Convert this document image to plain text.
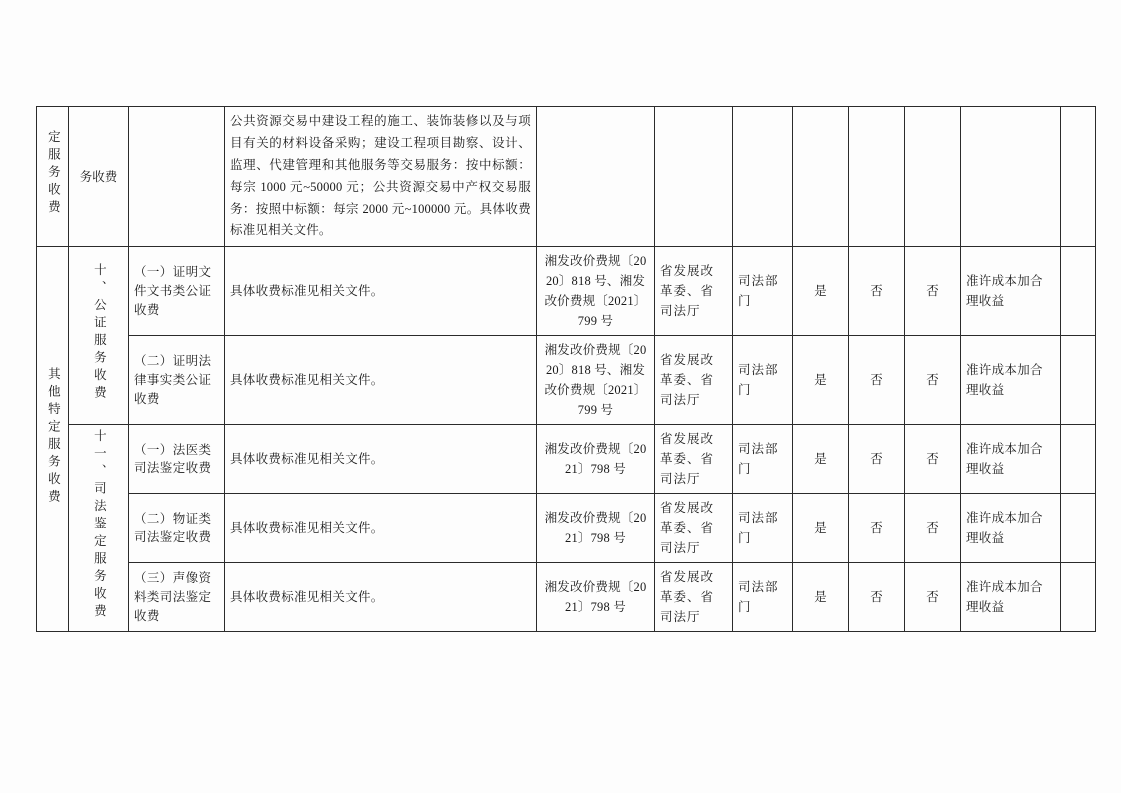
定服务收费	务收费		公共资源交易中建设工程的施工、装饰装修以及与项目有关的材料设备采购；建设工程项目勘察、设计、监理、代建管理和其他服务等交易服务：按中标额：每宗 1000 元~50000 元；公共资源交易中产权交易服务：按照中标额：每宗 2000 元~100000 元。具体收费标准见相关文件。								
其他特定服务收费	十、公证服务收费	（一）证明文件文书类公证收费	具体收费标准见相关文件。	湘发改价费规〔2020〕818 号、湘发改价费规〔2021〕799 号	省发展改革委、省司法厅	司法部门	是	否	否	准许成本加合理收益	
		（二）证明法律事实类公证收费	具体收费标准见相关文件。	湘发改价费规〔2020〕818 号、湘发改价费规〔2021〕799 号	省发展改革委、省司法厅	司法部门	是	否	否	准许成本加合理收益	
	十一、司法鉴定服务收费	（一）法医类司法鉴定收费	具体收费标准见相关文件。	湘发改价费规〔2021〕798 号	省发展改革委、省司法厅	司法部门	是	否	否	准许成本加合理收益	
		（二）物证类司法鉴定收费	具体收费标准见相关文件。	湘发改价费规〔2021〕798 号	省发展改革委、省司法厅	司法部门	是	否	否	准许成本加合理收益	
		（三）声像资料类司法鉴定收费	具体收费标准见相关文件。	湘发改价费规〔2021〕798 号	省发展改革委、省司法厅	司法部门	是	否	否	准许成本加合理收益	
